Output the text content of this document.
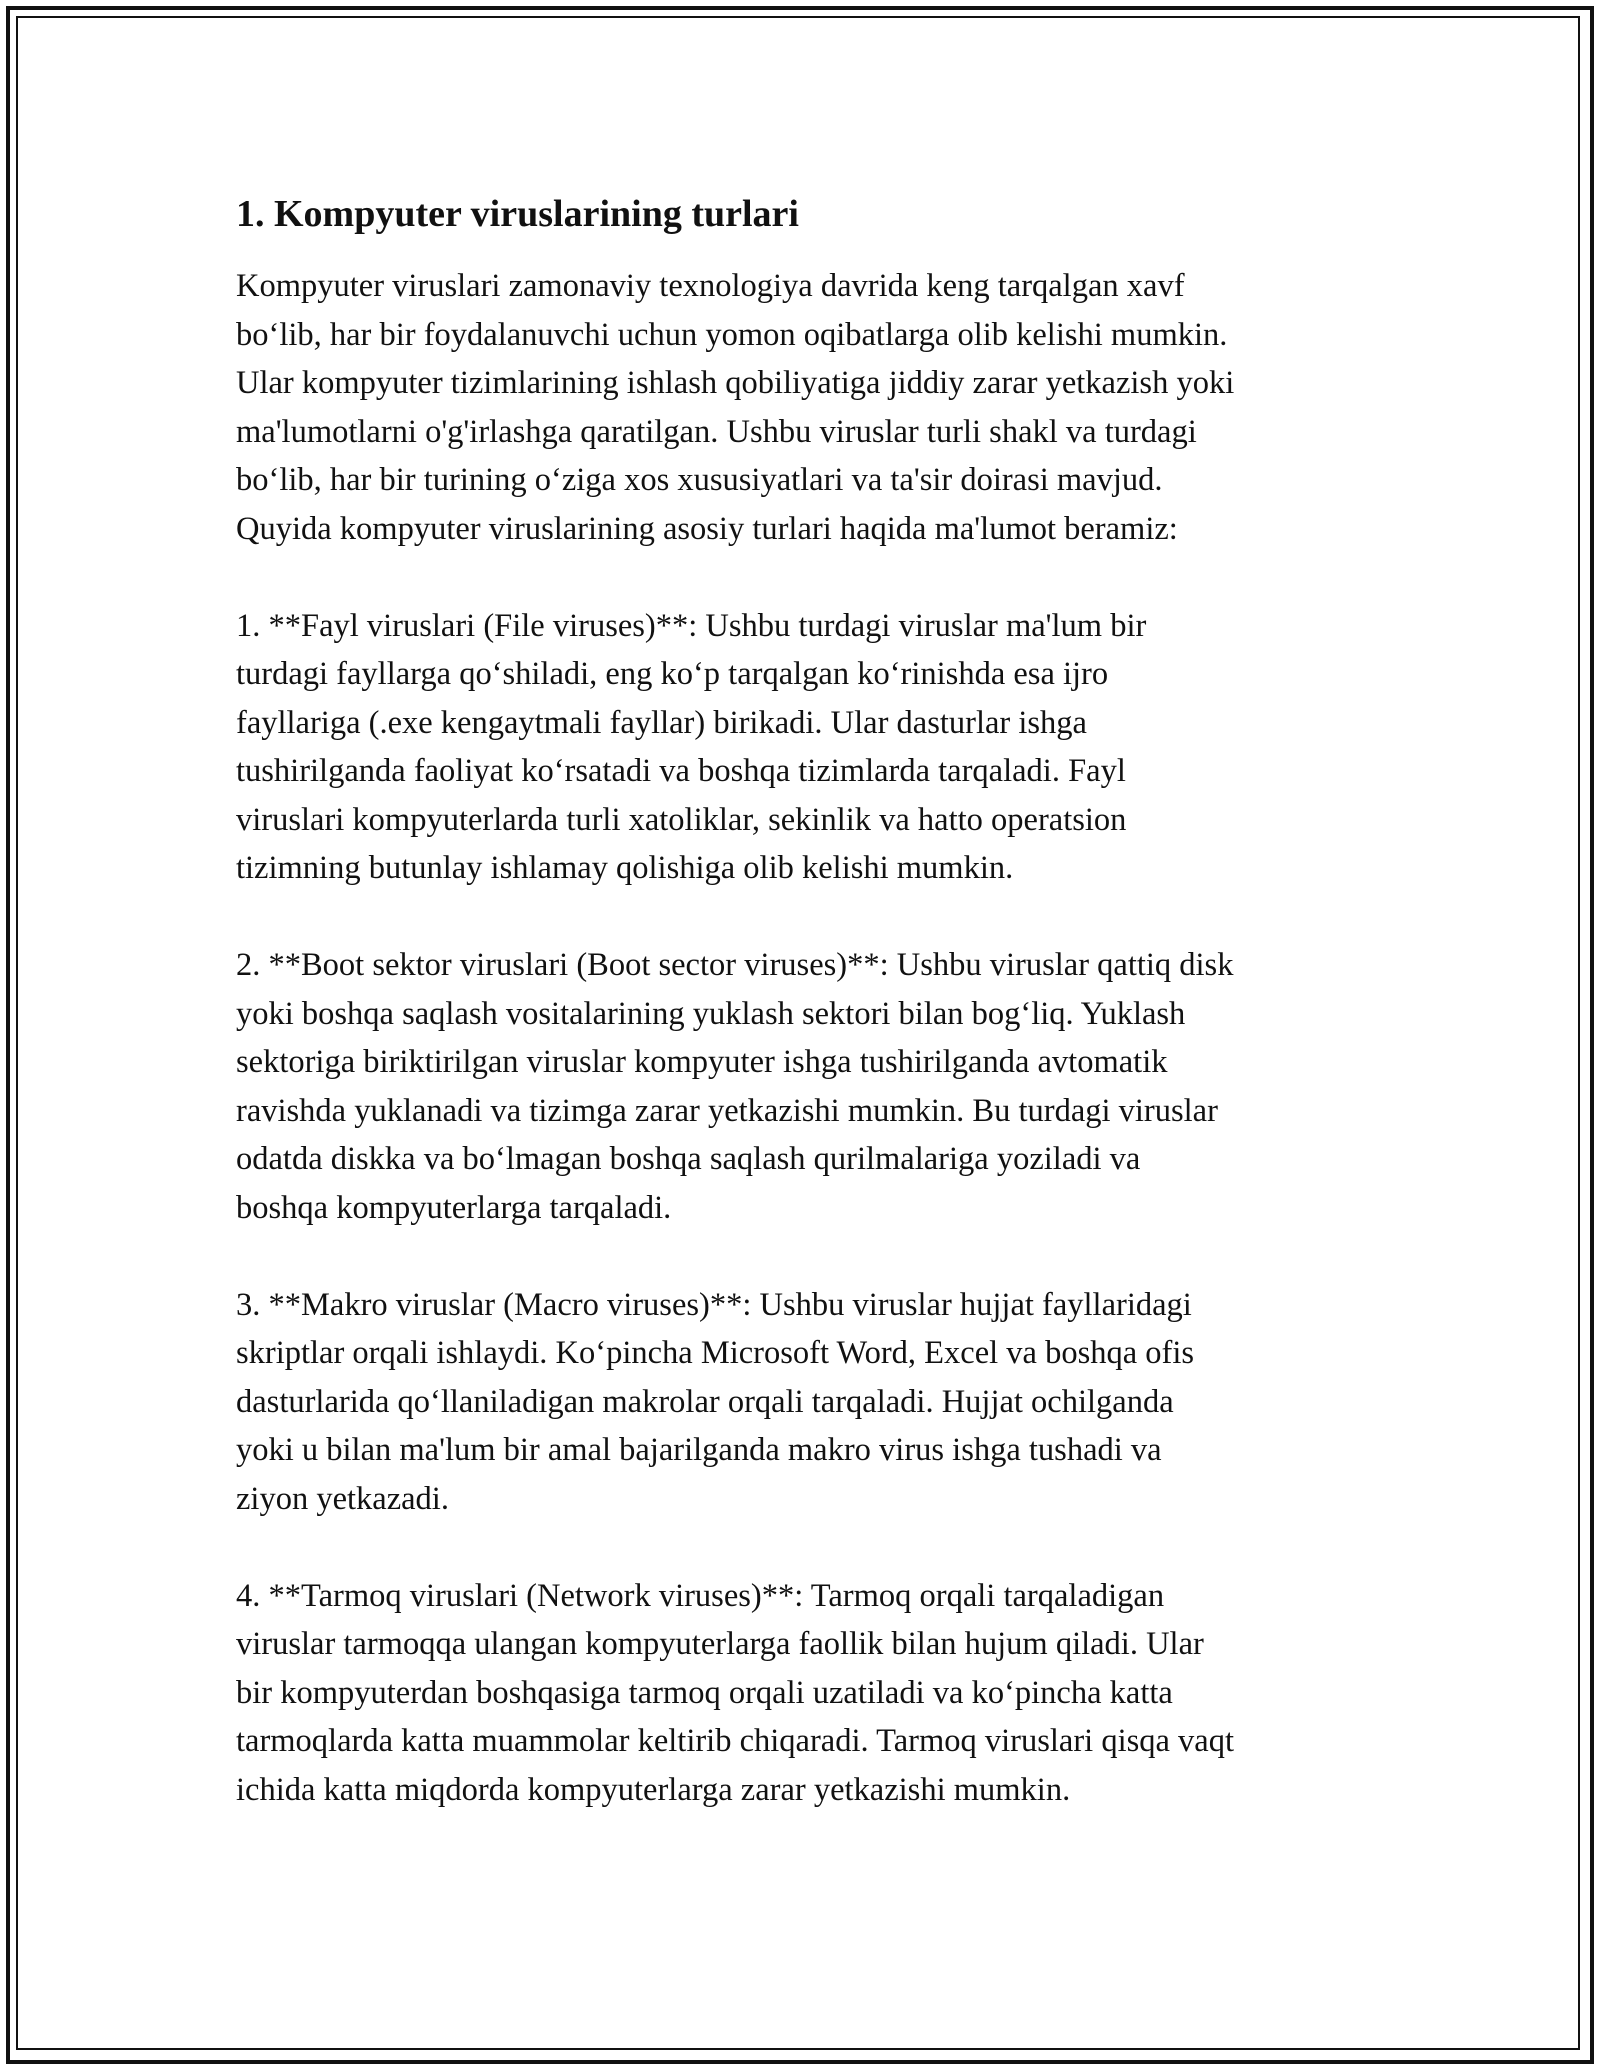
1. Kompyuter viruslarining turlari

Kompyuter viruslari zamonaviy texnologiya davrida keng tarqalgan xavf
bo‘lib, har bir foydalanuvchi uchun yomon oqibatlarga olib kelishi mumkin.
Ular kompyuter tizimlarining ishlash qobiliyatiga jiddiy zarar yetkazish yoki
ma'lumotlarni o'g'irlashga qaratilgan. Ushbu viruslar turli shakl va turdagi
bo‘lib, har bir turining o‘ziga xos xususiyatlari va ta'sir doirasi mavjud.
Quyida kompyuter viruslarining asosiy turlari haqida ma'lumot beramiz:

1. **Fayl viruslari (File viruses)**: Ushbu turdagi viruslar ma'lum bir
turdagi fayllarga qo‘shiladi, eng ko‘p tarqalgan ko‘rinishda esa ijro
fayllariga (.exe kengaytmali fayllar) birikadi. Ular dasturlar ishga
tushirilganda faoliyat ko‘rsatadi va boshqa tizimlarda tarqaladi. Fayl
viruslari kompyuterlarda turli xatoliklar, sekinlik va hatto operatsion
tizimning butunlay ishlamay qolishiga olib kelishi mumkin.

2. **Boot sektor viruslari (Boot sector viruses)**: Ushbu viruslar qattiq disk
yoki boshqa saqlash vositalarining yuklash sektori bilan bog‘liq. Yuklash
sektoriga biriktirilgan viruslar kompyuter ishga tushirilganda avtomatik
ravishda yuklanadi va tizimga zarar yetkazishi mumkin. Bu turdagi viruslar
odatda diskka va bo‘lmagan boshqa saqlash qurilmalariga yoziladi va
boshqa kompyuterlarga tarqaladi.

3. **Makro viruslar (Macro viruses)**: Ushbu viruslar hujjat fayllaridagi
skriptlar orqali ishlaydi. Ko‘pincha Microsoft Word, Excel va boshqa ofis
dasturlarida qo‘llaniladigan makrolar orqali tarqaladi. Hujjat ochilganda
yoki u bilan ma'lum bir amal bajarilganda makro virus ishga tushadi va
ziyon yetkazadi.

4. **Tarmoq viruslari (Network viruses)**: Tarmoq orqali tarqaladigan
viruslar tarmoqqa ulangan kompyuterlarga faollik bilan hujum qiladi. Ular
bir kompyuterdan boshqasiga tarmoq orqali uzatiladi va ko‘pincha katta
tarmoqlarda katta muammolar keltirib chiqaradi. Tarmoq viruslari qisqa vaqt
ichida katta miqdorda kompyuterlarga zarar yetkazishi mumkin.
